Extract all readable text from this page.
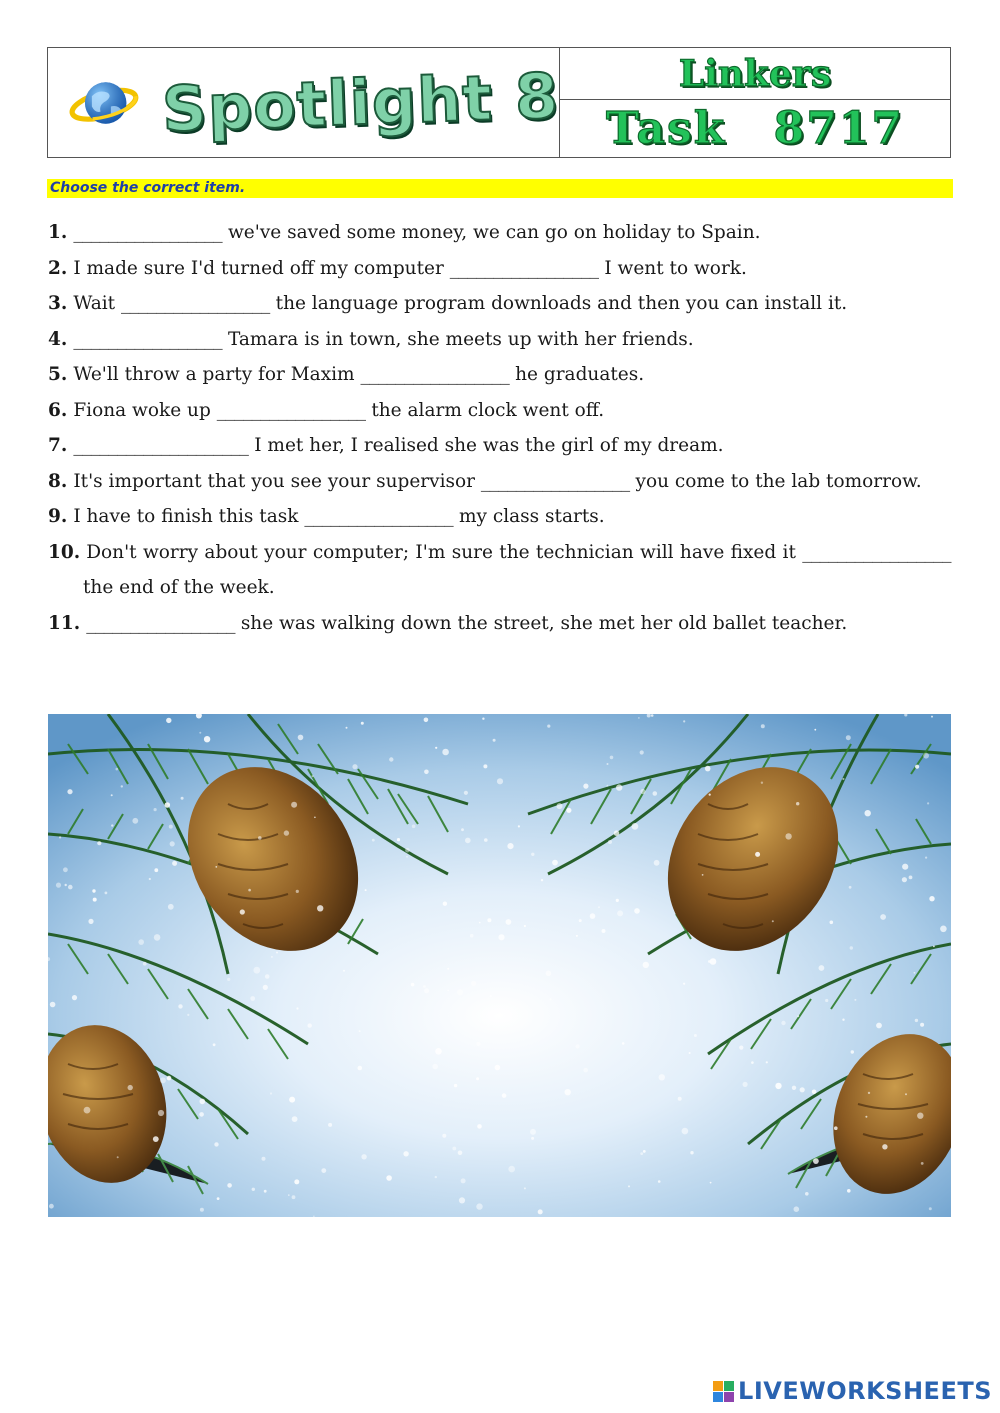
Spotlight 8	Linkers
Task 8717
Choose the correct item.
1. _________________ we've saved some money, we can go on holiday to Spain.
2. I made sure I'd turned off my computer _________________ I went to work.
3. Wait _________________ the language program downloads and then you can install it.
4. _________________ Tamara is in town, she meets up with her friends.
5. We'll throw a party for Maxim _________________ he graduates.
6. Fiona woke up _________________ the alarm clock went off.
7. ____________________ I met her, I realised she was the girl of my dream.
8. It's important that you see your supervisor _________________ you come to the lab tomorrow.
9. I have to finish this task _________________ my class starts.
10. Don't worry about your computer; I'm sure the technician will have fixed it _________________ the end of the week.
11. _________________ she was walking down the street, she met her old ballet teacher.
LIVEWORKSHEETS
